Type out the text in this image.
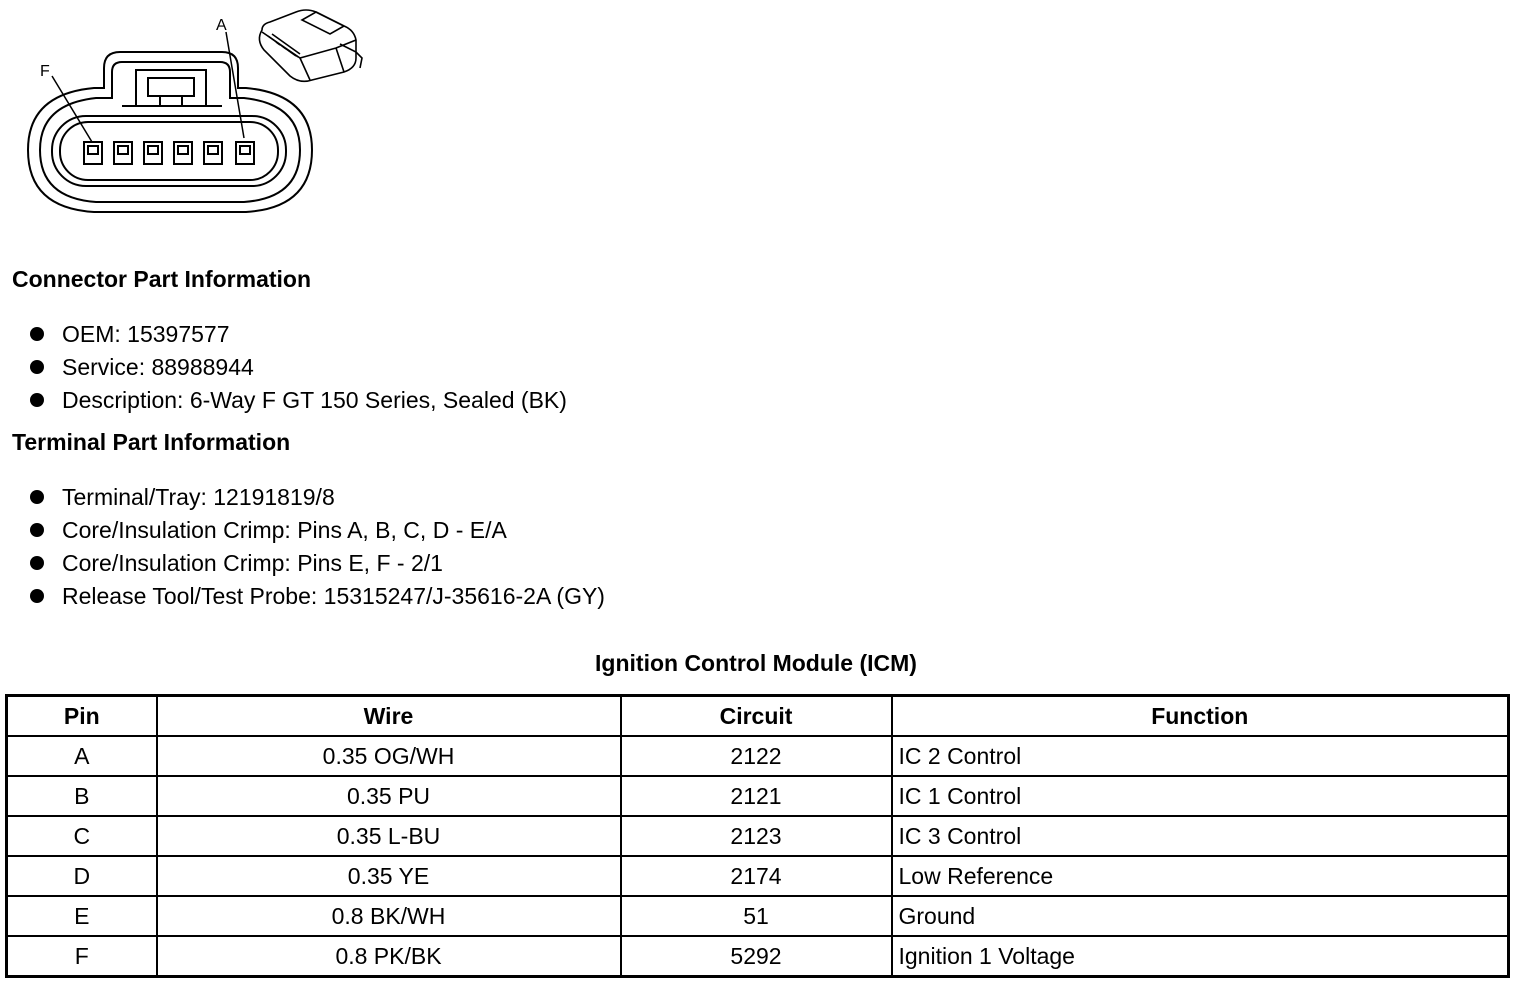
F
A
Connector Part Information
OEM: 15397577
Service: 88988944
Description: 6-Way F GT 150 Series, Sealed (BK)
Terminal Part Information
Terminal/Tray: 12191819/8
Core/Insulation Crimp: Pins A, B, C, D - E/A
Core/Insulation Crimp: Pins E, F - 2/1
Release Tool/Test Probe: 15315247/J-35616-2A (GY)
Ignition Control Module (ICM)
Pin	Wire	Circuit	Function
A	0.35 OG/WH	2122	IC 2 Control
B	0.35 PU	2121	IC 1 Control
C	0.35 L-BU	2123	IC 3 Control
D	0.35 YE	2174	Low Reference
E	0.8 BK/WH	51	Ground
F	0.8 PK/BK	5292	Ignition 1 Voltage
